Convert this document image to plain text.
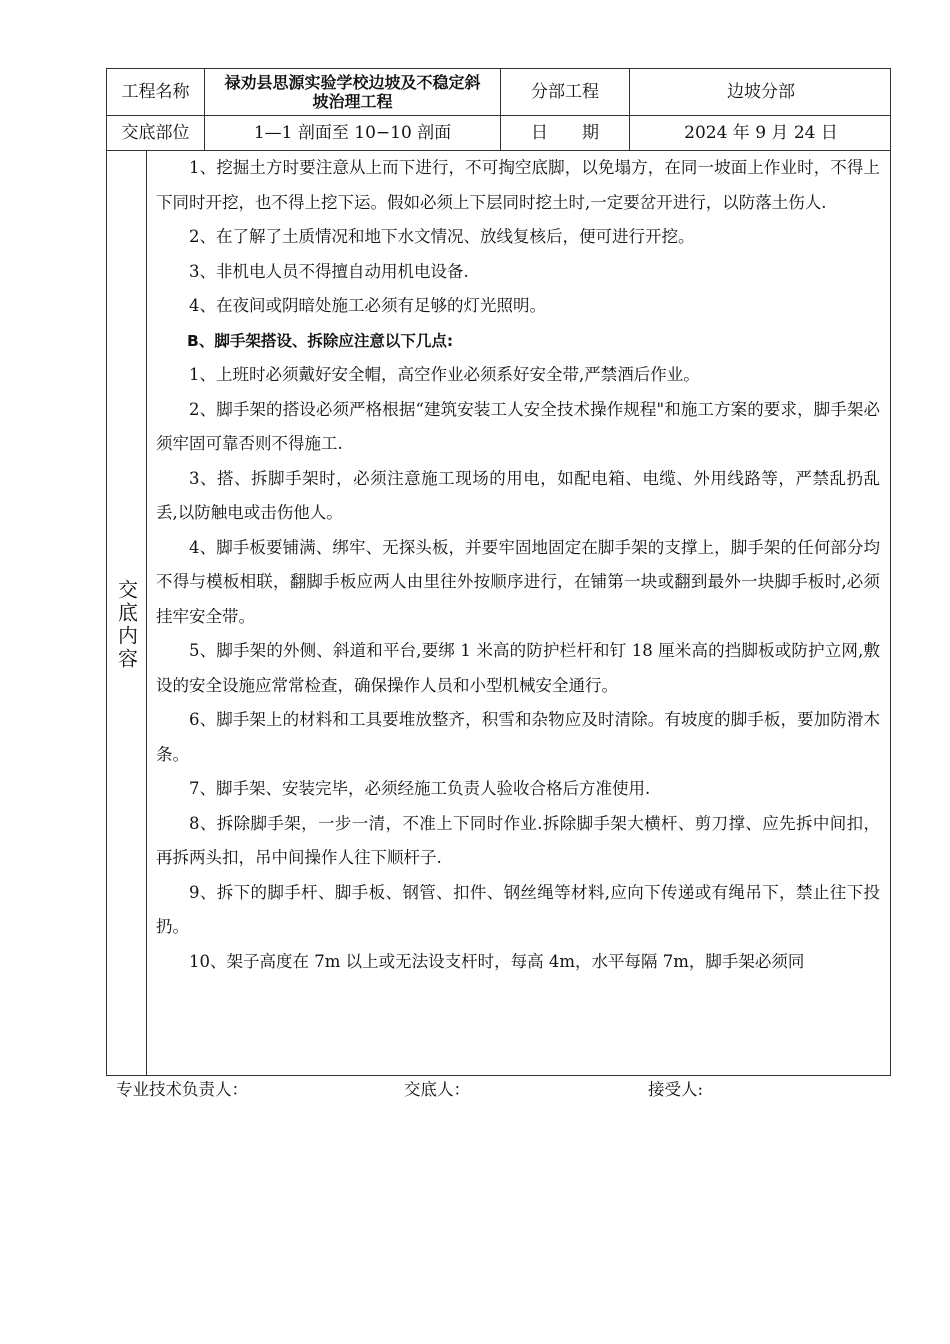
工程名称	禄劝县思源实验学校边坡及不稳定斜坡治理工程	分部工程	边坡分部
交底部位	1—1 剖面至 10−10 剖面	日　　期	2024 年 9 月 24 日
交底内容

1、挖掘土方时要注意从上而下进行，不可掏空底脚，以免塌方，在同一坡面上作业时，不得上下同时开挖，也不得上挖下运。假如必须上下层同时挖土时,一定要岔开进行，以防落土伤人.

2、在了解了土质情况和地下水文情况、放线复核后，便可进行开挖。

3、非机电人员不得擅自动用机电设备.

4、在夜间或阴暗处施工必须有足够的灯光照明。

B、脚手架搭设、拆除应注意以下几点:

1、上班时必须戴好安全帽，高空作业必须系好安全带,严禁酒后作业。

2、脚手架的搭设必须严格根据“建筑安装工人安全技术操作规程"和施工方案的要求，脚手架必须牢固可靠否则不得施工.

3、搭、拆脚手架时，必须注意施工现场的用电，如配电箱、电缆、外用线路等，严禁乱扔乱丢,以防触电或击伤他人。

4、脚手板要铺满、绑牢、无探头板，并要牢固地固定在脚手架的支撑上，脚手架的任何部分均不得与模板相联，翻脚手板应两人由里往外按顺序进行，在铺第一块或翻到最外一块脚手板时,必须挂牢安全带。

5、脚手架的外侧、斜道和平台,要绑 1 米高的防护栏杆和钉 18 厘米高的挡脚板或防护立网,敷设的安全设施应常常检查，确保操作人员和小型机械安全通行。

6、脚手架上的材料和工具要堆放整齐，积雪和杂物应及时清除。有坡度的脚手板，要加防滑木条。

7、脚手架、安装完毕，必须经施工负责人验收合格后方准使用.

8、拆除脚手架，一步一清，不准上下同时作业.拆除脚手架大横杆、剪刀撑、应先拆中间扣，再拆两头扣，吊中间操作人往下顺杆子.

9、拆下的脚手杆、脚手板、钢管、扣件、钢丝绳等材料,应向下传递或有绳吊下，禁止往下投扔。

10、架子高度在 7m 以上或无法设支杆时，每高 4m，水平每隔 7m，脚手架必须同

专业技术负责人：	交底人：	接受人:
